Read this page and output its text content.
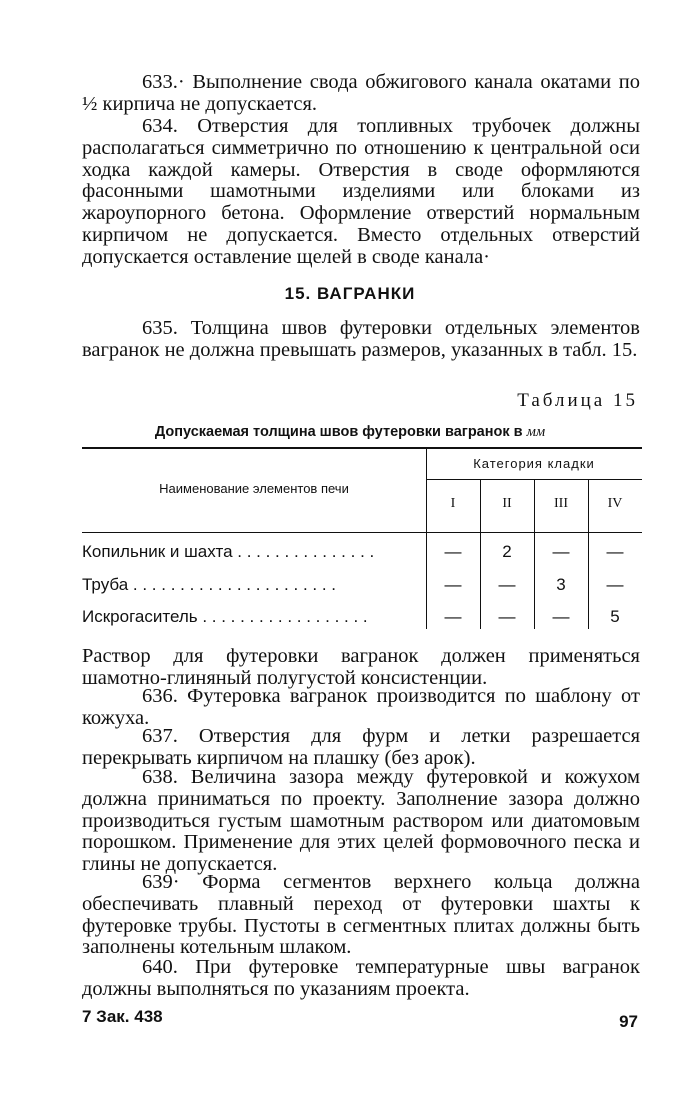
633.· Выполнение свода обжигового канала окатами по ½ кирпича не допускается.

634. Отверстия для топливных трубочек должны располагаться симметрично по отношению к центральной оси ходка каждой камеры. Отверстия в своде оформляются фасонными шамотными изделиями или блоками из жароупорного бетона. Оформление отверстий нормальным кирпичом не допускается. Вместо отдельных отверстий допускается оставление щелей в своде канала·

15. ВАГРАНКИ

635. Толщина швов футеровки отдельных элементов вагранок не должна превышать размеров, указанных в табл. 15.

Таблица 15
Допускаемая толщина швов футеровки вагранок в мм
Наименование элементов печи
Категория кладки
I	II	III	IV
Копильник и шахта . . . . . . . . . . . . . . .	—	2	—	—
Труба . . . . . . . . . . . . . . . . . . . . . .	—	—	3	—
Искрогаситель . . . . . . . . . . . . . . . . . .	—	—	—	5

Раствор для футеровки вагранок должен применяться шамотно-глиняный полугустой консистенции.

636. Футеровка вагранок производится по шаблону от кожуха.

637. Отверстия для фурм и летки разрешается перекрывать кирпичом на плашку (без арок).

638. Величина зазора между футеровкой и кожухом должна приниматься по проекту. Заполнение зазора должно производиться густым шамотным раствором или диатомовым порошком. Применение для этих целей формовочного песка и глины не допускается.

639· Форма сегментов верхнего кольца должна обеспечивать плавный переход от футеровки шахты к футеровке трубы. Пустоты в сегментных плитах должны быть заполнены котельным шлаком.

640. При футеровке температурные швы вагранок должны выполняться по указаниям проекта.

7 Зак. 438	97
